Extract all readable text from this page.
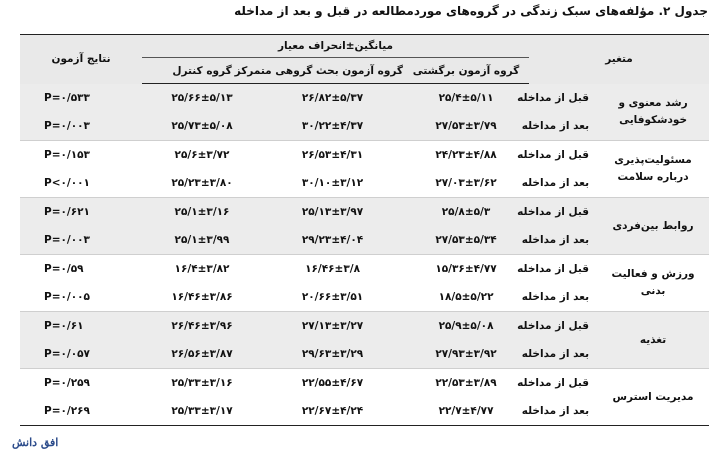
جدول ۲. مؤلفه‌های سبک زندگی در گروه‌های موردمطالعه در قبل و بعد از مداخله
متغیر		میانگین±انحراف معیار			نتایج آزمون
		گروه آزمون برگشتی	گروه آزمون بحث گروهی متمرکز	گروه کنترل	
رشد معنوی و خودشکوفایی	قبل از مداخله	۲۵/۴±۵/۱۱	۲۶/۸۲±۵/۳۷	۲۵/۶۶±۵/۱۳	P=۰/۵۳۳
	بعد از مداخله	۲۷/۵۳±۳/۷۹	۳۰/۲۲±۴/۳۷	۲۵/۷۳±۵/۰۸	P=۰/۰۰۳
مسئولیت‌پذیری درباره سلامت	قبل از مداخله	۲۴/۲۳±۴/۸۸	۲۶/۵۳±۴/۳۱	۲۵/۶±۳/۷۲	P=۰/۱۵۳
	بعد از مداخله	۲۷/۰۳±۳/۶۲	۳۰/۱۰±۳/۱۲	۲۵/۲۳±۳/۸۰	P<۰/۰۰۱
روابط بین‌فردی	قبل از مداخله	۲۵/۸±۵/۳	۲۵/۱۳±۳/۹۷	۲۵/۱±۳/۱۶	P=۰/۶۲۱
	بعد از مداخله	۲۷/۵۳±۵/۳۴	۲۹/۲۳±۴/۰۴	۲۵/۱±۳/۹۹	P=۰/۰۰۳
ورزش و فعالیت بدنی	قبل از مداخله	۱۵/۳۶±۴/۷۷	۱۶/۴۶±۳/۸	۱۶/۴±۳/۸۲	P=۰/۵۹
	بعد از مداخله	۱۸/۵±۵/۲۲	۲۰/۶۶±۳/۵۱	۱۶/۴۶±۳/۸۶	P=۰/۰۰۵
تغذیه	قبل از مداخله	۲۵/۹±۵/۰۸	۲۷/۱۳±۳/۲۷	۲۶/۴۶±۳/۹۶	P=۰/۶۱
	بعد از مداخله	۲۷/۹۳±۳/۹۲	۲۹/۶۳±۳/۲۹	۲۶/۵۶±۳/۸۷	P=۰/۰۵۷
مدیریت استرس	قبل از مداخله	۲۲/۵۳±۳/۸۹	۲۲/۵۵±۴/۶۷	۲۵/۳۳±۳/۱۶	P=۰/۲۵۹
	بعد از مداخله	۲۲/۷±۴/۷۷	۲۲/۶۷±۴/۲۴	۲۵/۳۳±۳/۱۷	P=۰/۲۶۹
افق دانش
